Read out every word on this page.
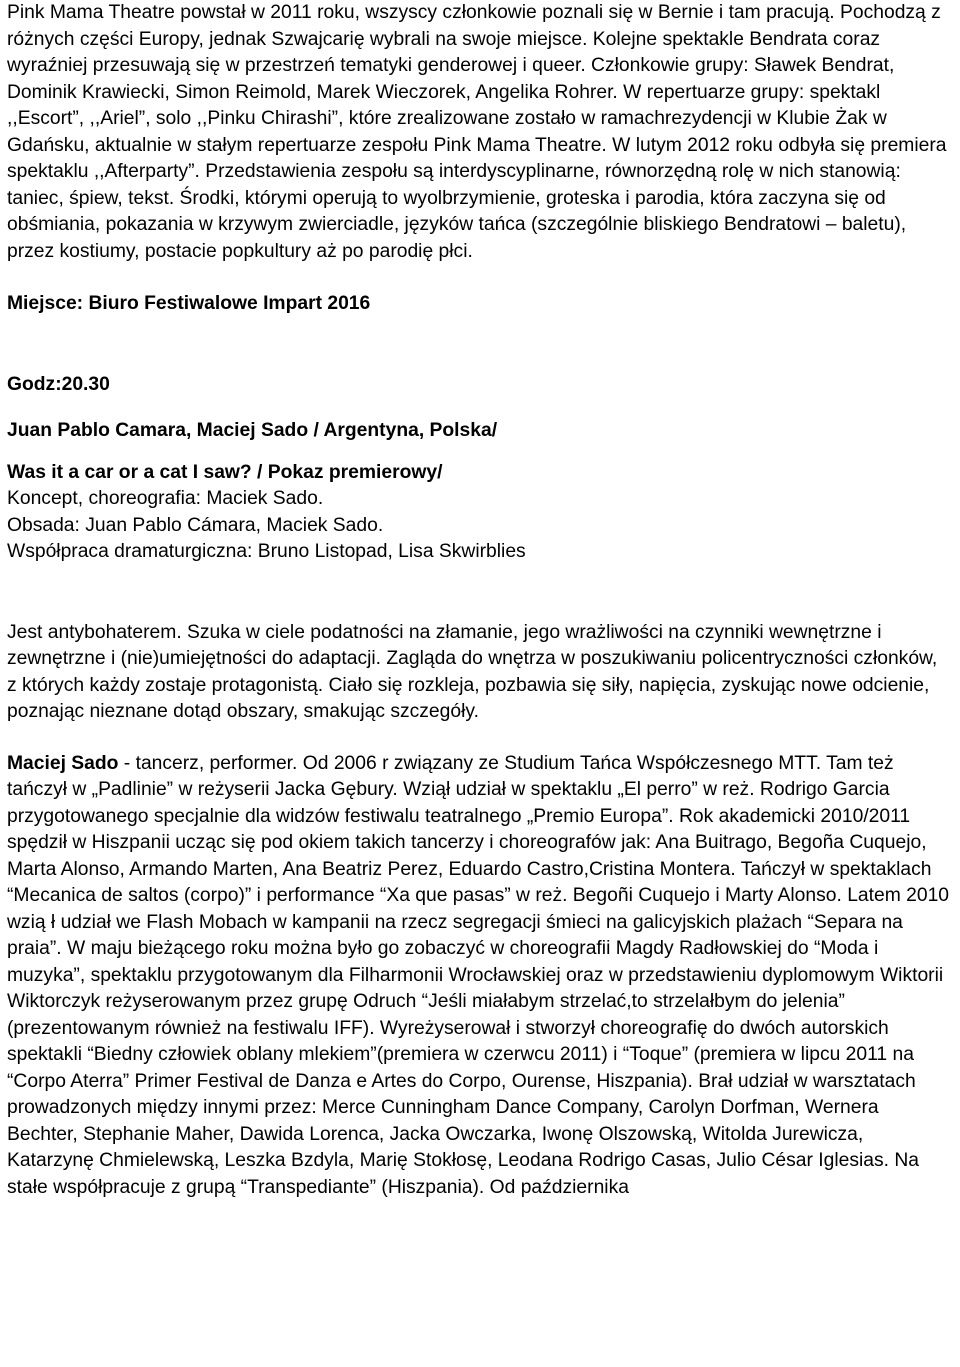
Pink Mama Theatre powstał w 2011 roku, wszyscy członkowie poznali się w Bernie i tam pracują. Pochodzą z różnych części Europy, jednak Szwajcarię wybrali na swoje miejsce. Kolejne spektakle Bendrata coraz wyraźniej przesuwają się w przestrzeń tematyki genderowej i queer. Członkowie grupy: Sławek Bendrat, Dominik Krawiecki, Simon Reimold, Marek Wieczorek, Angelika Rohrer. W repertuarze grupy: spektakl ,,Escort”, ,,Ariel”, solo ,,Pinku Chirashi”, które zrealizowane zostało w ramachrezydencji w Klubie Żak w Gdańsku, aktualnie w stałym repertuarze zespołu Pink Mama Theatre. W lutym 2012 roku odbyła się premiera spektaklu ,,Afterparty”. Przedstawienia zespołu są interdyscyplinarne, równorzędną rolę w nich stanowią: taniec, śpiew, tekst. Środki, którymi operują to wyolbrzymienie, groteska i parodia, która zaczyna się od obśmiania, pokazania w krzywym zwierciadle, języków tańca (szczególnie bliskiego Bendratowi – baletu), przez kostiumy, postacie popkultury aż po parodię płci.

Miejsce: Biuro Festiwalowe Impart 2016

Godz:20.30

Juan Pablo Camara, Maciej Sado / Argentyna, Polska/

Was it a car or a cat I saw? / Pokaz premierowy/

Koncept, choreografia: Maciek Sado.

Obsada: Juan Pablo Cámara, Maciek Sado.

Współpraca dramaturgiczna: Bruno Listopad, Lisa Skwirblies

Jest antybohaterem. Szuka w ciele podatności na złamanie, jego wrażliwości na czynniki wewnętrzne i zewnętrzne i (nie)umiejętności do adaptacji. Zagląda do wnętrza w poszukiwaniu policentryczności członków, z których każdy zostaje protagonistą. Ciało się rozkleja, pozbawia się siły, napięcia, zyskując nowe odcienie, poznając nieznane dotąd obszary, smakując szczegóły.

Maciej Sado - tancerz, performer. Od 2006 r związany ze Studium Tańca Współczesnego MTT. Tam też tańczył w „Padlinie” w reżyserii Jacka Gębury. Wziął udział w spektaklu „El perro” w reż. Rodrigo Garcia przygotowanego specjalnie dla widzów festiwalu teatralnego „Premio Europa”. Rok akademicki 2010/2011 spędził w Hiszpanii ucząc się pod okiem takich tancerzy i choreografów jak: Ana Buitrago, Begoña Cuquejo, Marta Alonso, Armando Marten, Ana Beatriz Perez, Eduardo Castro,Cristina Montera. Tańczył w spektaklach “Mecanica de saltos (corpo)” i performance “Xa que pasas” w reż. Begoñi Cuquejo i Marty Alonso. Latem 2010 wzią ł udział we Flash Mobach w kampanii na rzecz segregacji śmieci na galicyjskich plażach “Separa na praia”. W maju bieżącego roku można było go zobaczyć w choreografii Magdy Radłowskiej do “Moda i muzyka”, spektaklu przygotowanym dla Filharmonii Wrocławskiej oraz w przedstawieniu dyplomowym Wiktorii Wiktorczyk reżyserowanym przez grupę Odruch “Jeśli miałabym strzelać,to strzelałbym do jelenia” (prezentowanym również na festiwalu IFF). Wyreżyserował i stworzył choreografię do dwóch autorskich spektakli “Biedny człowiek oblany mlekiem”(premiera w czerwcu 2011) i “Toque” (premiera w lipcu 2011 na “Corpo Aterra” Primer Festival de Danza e Artes do Corpo, Ourense, Hiszpania). Brał udział w warsztatach prowadzonych między innymi przez: Merce Cunningham Dance Company, Carolyn Dorfman, Wernera Bechter, Stephanie Maher, Dawida Lorenca, Jacka Owczarka, Iwonę Olszowską, Witolda Jurewicza, Katarzynę Chmielewską, Leszka Bzdyla, Marię Stokłosę, Leodana Rodrigo Casas, Julio César Iglesias. Na stałe współpracuje z grupą “Transpediante” (Hiszpania). Od października
